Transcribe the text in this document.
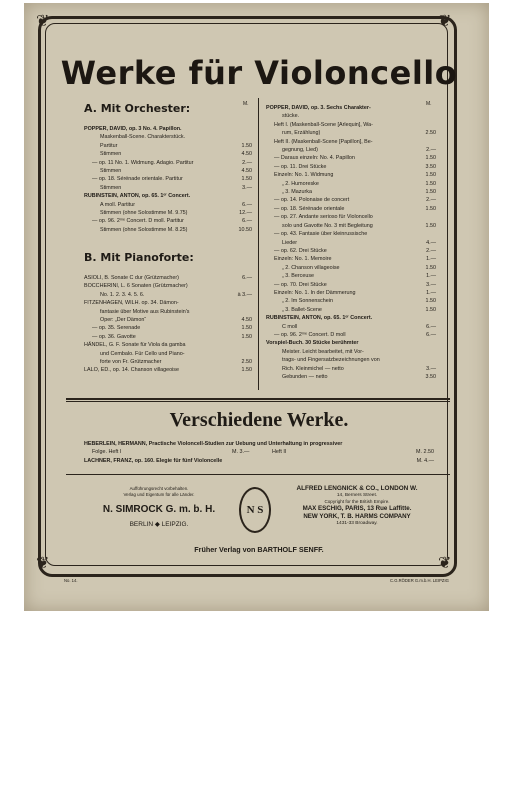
❦	❦
❦	❦
Werke für Violoncello
A. Mit Orchester:	M.	M.
POPPER, DAVID, op. 3 No. 4. Papillon.
Maskenball-Scene. Charakterstück.
Partitur	1.50
Stimmen	4.50
— op. 11 No. 1. Widmung. Adagio. Partitur	2.—
Stimmen	4.50
— op. 18. Sérénade orientale. Partitur	1.50
Stimmen	3.—
RUBINSTEIN, ANTON, op. 65. 1ᵉʳ Concert.
A moll. Partitur	6.—
Stimmen (ohne Solostimme M. 9.75)	12.—
— op. 96. 2ᵐᵉ Concert. D moll. Partitur	6.—
Stimmen (ohne Solostimme M. 8.25)	10.50
B. Mit Pianoforte:
ASIOLI, B. Sonate C dur (Grützmacher)	6.—
BOCCHERINI, L. 6 Sonaten (Grützmacher)
No. 1. 2. 3. 4. 5. 6.	à 3.—
FITZENHAGEN, WILH. op. 34. Dämon-
fantasie über Motive aus Rubinstein's
Oper: „Der Dämon“	4.50
— op. 35. Serenade	1.50
— op. 36. Gavotte	1.50
HÄNDEL, G. F. Sonate für Viola da gamba
und Cembalo. Für Cello und Piano-
forte von Fr. Grützmacher	2.50
LALO, ED., op. 14. Chanson villageoise	1.50
POPPER, DAVID, op. 3. Sechs Charakter-
stücke.
Heft I. (Maskenball-Scene [Arlequin], Wa-
rum, Erzählung)	2.50
Heft II. (Maskenball-Scene [Papillon], Be-
gegnung, Lied)	2.—
— Daraus einzeln: No. 4. Papillon	1.50
— op. 11. Drei Stücke	3.50
Einzeln: No. 1. Widmung	1.50
„ 2. Humoreske	1.50
„ 3. Mazurka	1.50
— op. 14. Polonaise de concert	2.—
— op. 18. Sérénade orientale	1.50
— op. 27. Andante serioso für Violoncello
solo und Gavotte No. 3 mit Begleitung	1.50
— op. 43. Fantasie über kleinrussische
Lieder	4.—
— op. 62. Drei Stücke	2.—
Einzeln: No. 1. Memoire	1.—
„ 2. Chanson villageoise	1.50
„ 3. Berceuse	1.—
— op. 70. Drei Stücke	3.—
Einzeln: No. 1. In der Dämmerung	1.—
„ 2. Im Sonnenschein	1.50
„ 3. Ballet-Scene	1.50
RUBINSTEIN, ANTON, op. 65. 1ᵉʳ Concert.
C moll	6.—
— op. 96. 2ᵐᵉ Concert. D moll	6.—
Vorspiel-Buch. 30 Stücke berühmter
Meister. Leicht bearbeitet, mit Vor-
trags- und Fingersatzbezeichnungen von
Rich. Kleinmichel — netto	3.—
Gebunden — netto	3.50
Verschiedene Werke.
HEBERLEIN, HERMANN, Practische Violoncell-Studien zur Uebung und Unterhaltung in progressiver
Folge. Heft I	M. 3.—	Heft II	M. 2.50
LACHNER, FRANZ, op. 160. Elegie für fünf Violoncelle	M. 4.—
Aufführungsrecht vorbehalten.
Verlag und Eigentum für alle Länder.
N. SIMROCK G. m. b. H.
BERLIN ◆ LEIPZIG.
N S
ALFRED LENGNICK & CO., LONDON W.
14, Berners Street.
Copyright for the British Empire.
MAX ESCHIG, PARIS, 13 Rue Laffitte.
NEW YORK, T. B. HARMS COMPANY
1431-33 Broadway.
Früher Verlag von BARTHOLF SENFF.
No. 14.	C.G.RÖDER G.m.b.H. LEIPZIG
